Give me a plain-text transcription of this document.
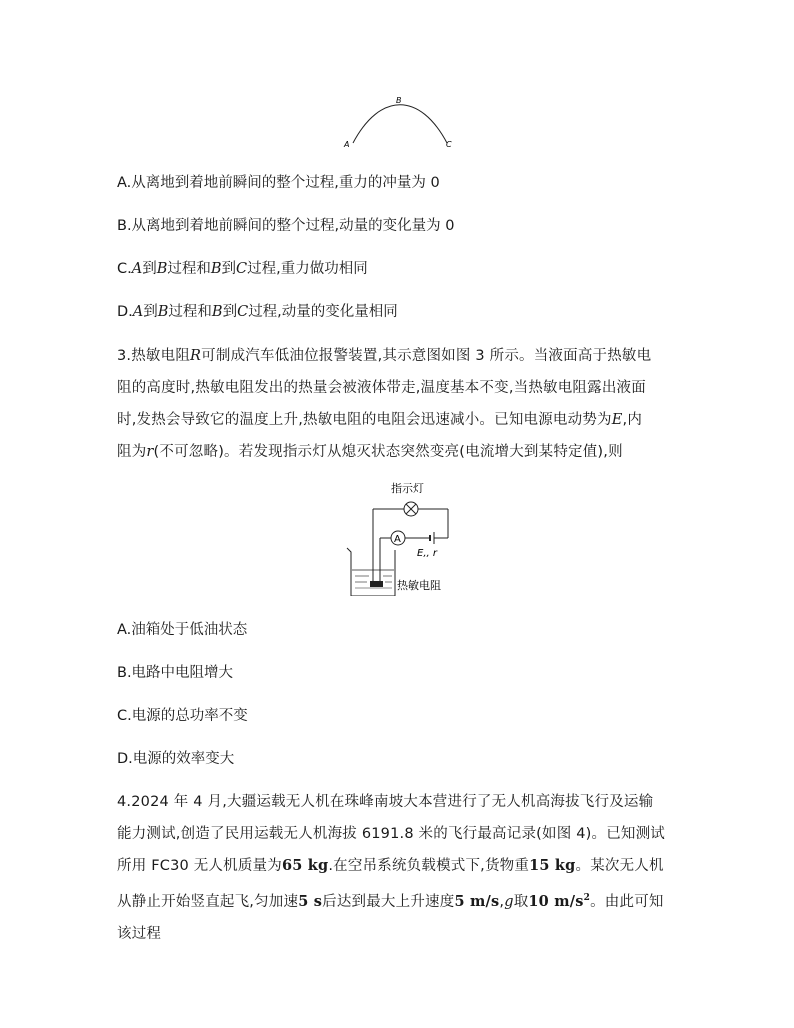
A
B
C
A.从离地到着地前瞬间的整个过程,重力的冲量为 0
B.从离地到着地前瞬间的整个过程,动量的变化量为 0
C.A到B过程和B到C过程,重力做功相同
D.A到B过程和B到C过程,动量的变化量相同

3.热敏电阻R可制成汽车低油位报警装置,其示意图如图 3 所示。当液面高于热敏电

阻的高度时,热敏电阻发出的热量会被液体带走,温度基本不变,当热敏电阻露出液面

时,发热会导致它的温度上升,热敏电阻的电阻会迅速减小。已知电源电动势为E,内

阻为r(不可忽略)。若发现指示灯从熄灭状态突然变亮(电流增大到某特定值),则

指示灯
E,, r
A
热敏电阻
A.油箱处于低油状态
B.电路中电阻增大
C.电源的总功率不变
D.电源的效率变大

4.2024 年 4 月,大疆运载无人机在珠峰南坡大本营进行了无人机高海拔飞行及运输

能力测试,创造了民用运载无人机海拔 6191.8 米的飞行最高记录(如图 4)。已知测试

所用 FC30 无人机质量为65 kg.在空吊系统负载模式下,货物重15 kg。某次无人机

从静止开始竖直起飞,匀加速5 s后达到最大上升速度5 m/s,g取10 $m/s^2$。由此可知

该过程
